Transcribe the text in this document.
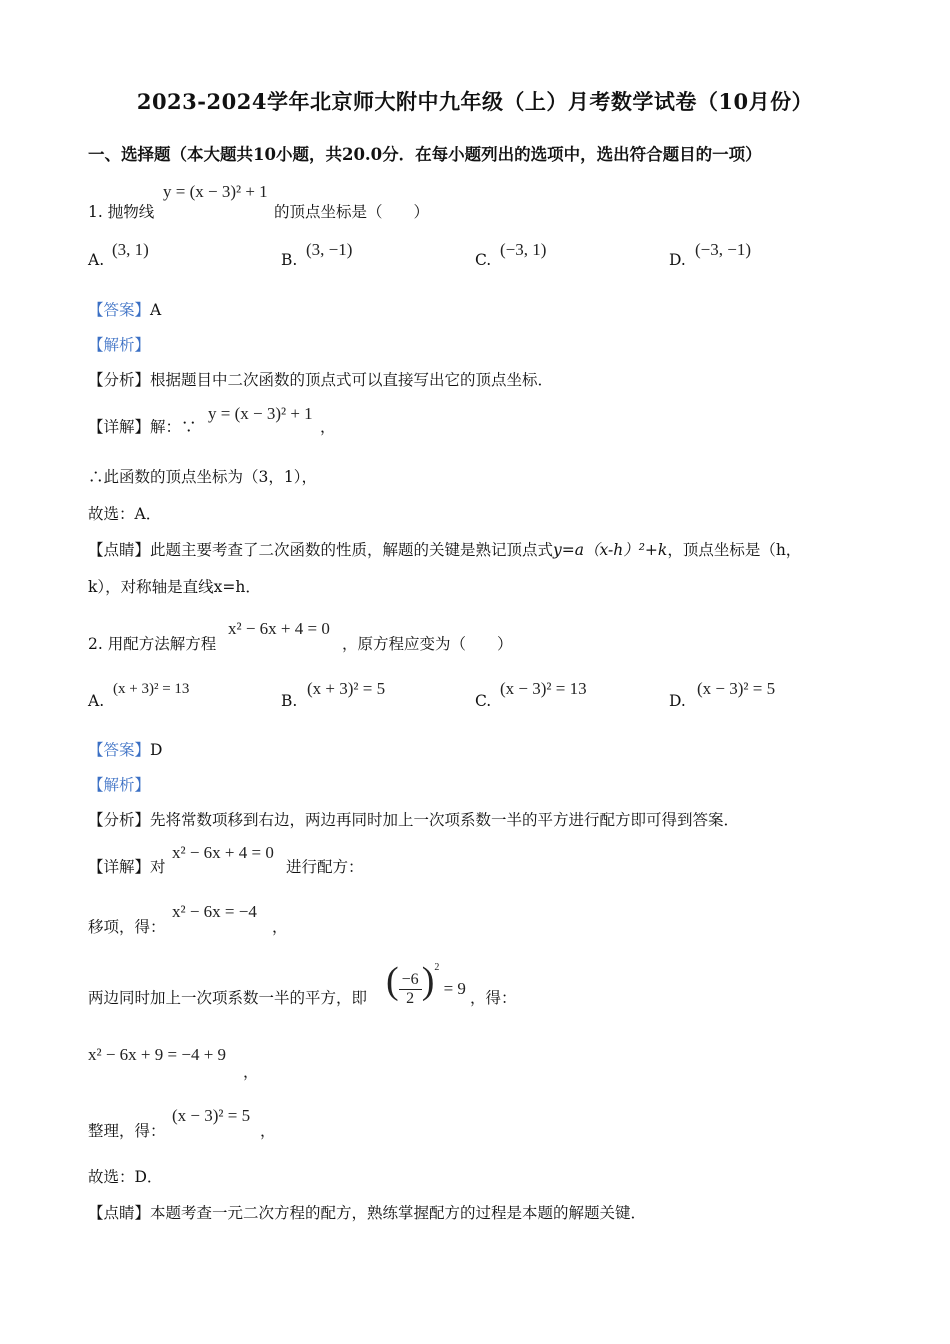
2023-2024学年北京师大附中九年级（上）月考数学试卷（10月份）
一、选择题（本大题共10小题，共20.0分．在每小题列出的选项中，选出符合题目的一项）
1. 抛物线
y = (x − 3)² + 1
的顶点坐标是（　　）
A.
(3, 1)
B.
(3, −1)
C.
(−3, 1)
D.
(−3, −1)
【答案】A
【解析】
【分析】根据题目中二次函数的顶点式可以直接写出它的顶点坐标．
【详解】解：∵
y = (x − 3)² + 1
，
∴此函数的顶点坐标为（3，1），
故选：A．
【点睛】此题主要考查了二次函数的性质，解题的关键是熟记顶点式y=a（x-h）²+k，顶点坐标是（h，
k），对称轴是直线x=h．
2. 用配方法解方程
x² − 6x + 4 = 0
，原方程应变为（　　）
A.
(x + 3)² = 13
B.
(x + 3)² = 5
C.
(x − 3)² = 13
D.
(x − 3)² = 5
【答案】D
【解析】
【分析】先将常数项移到右边，两边再同时加上一次项系数一半的平方进行配方即可得到答案．
【详解】对
x² − 6x + 4 = 0
进行配方：
移项，得：
x² − 6x = −4
，
两边同时加上一次项系数一半的平方，即 ( $\frac{-6}{2} )^2 = 9$ ，得：
x² − 6x + 9 = −4 + 9
，
整理，得：
(x − 3)² = 5
，
故选：D．
【点睛】本题考查一元二次方程的配方，熟练掌握配方的过程是本题的解题关键．
